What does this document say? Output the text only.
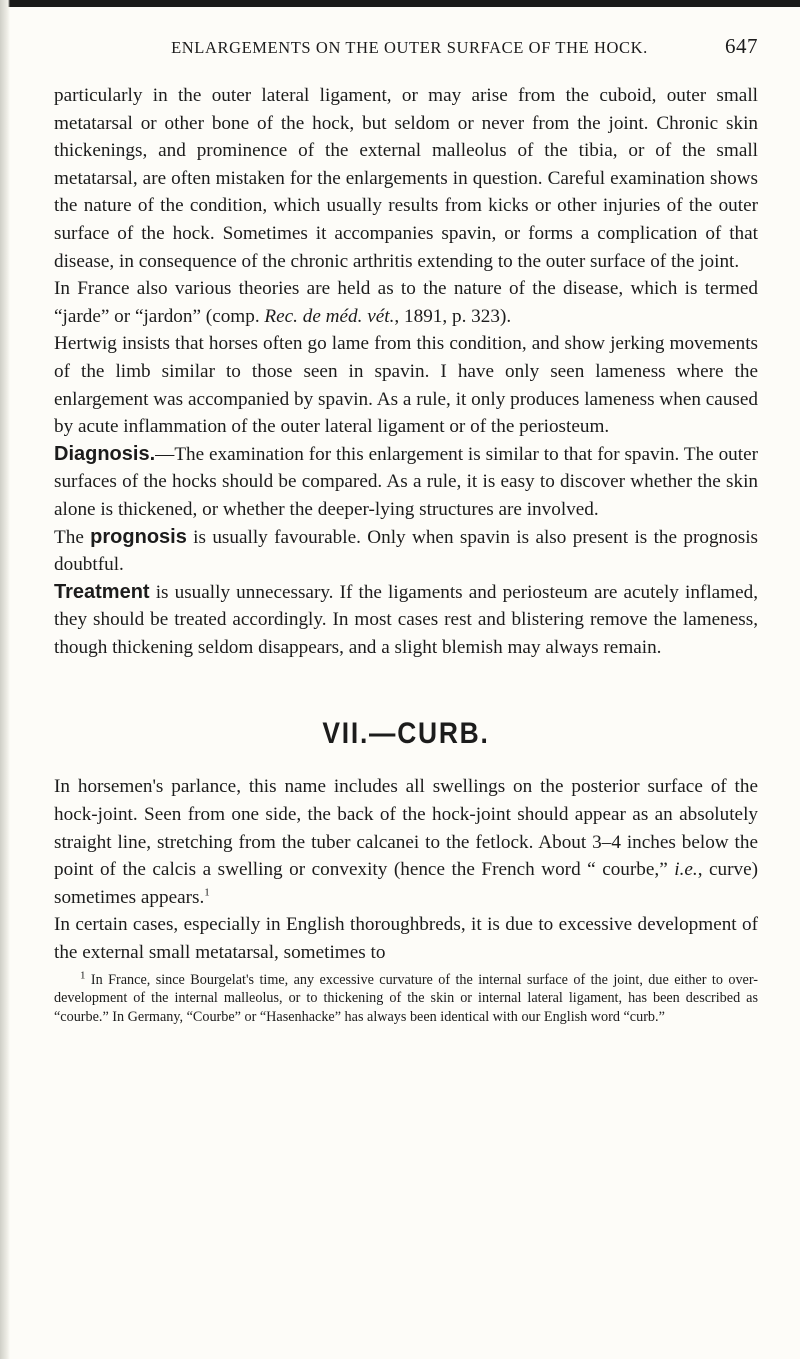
ENLARGEMENTS ON THE OUTER SURFACE OF THE HOCK.	647

particularly in the outer lateral ligament, or may arise from the cuboid, outer small metatarsal or other bone of the hock, but seldom or never from the joint. Chronic skin thickenings, and prominence of the external malleolus of the tibia, or of the small metatarsal, are often mistaken for the enlargements in question. Careful examination shows the nature of the condition, which usually results from kicks or other injuries of the outer surface of the hock. Sometimes it accompanies spavin, or forms a complication of that disease, in consequence of the chronic arthritis extending to the outer surface of the joint.

In France also various theories are held as to the nature of the disease, which is termed “jarde” or “jardon” (comp. Rec. de méd. vét., 1891, p. 323).

Hertwig insists that horses often go lame from this condition, and show jerking movements of the limb similar to those seen in spavin. I have only seen lameness where the enlargement was accompanied by spavin. As a rule, it only produces lameness when caused by acute inflammation of the outer lateral ligament or of the periosteum.

Diagnosis.—The examination for this enlargement is similar to that for spavin. The outer surfaces of the hocks should be compared. As a rule, it is easy to discover whether the skin alone is thickened, or whether the deeper-lying structures are involved.

The prognosis is usually favourable. Only when spavin is also present is the prognosis doubtful.

Treatment is usually unnecessary. If the ligaments and periosteum are acutely inflamed, they should be treated accordingly. In most cases rest and blistering remove the lameness, though thickening seldom disappears, and a slight blemish may always remain.

VII.—CURB.

In horsemen's parlance, this name includes all swellings on the posterior surface of the hock-joint. Seen from one side, the back of the hock-joint should appear as an absolutely straight line, stretching from the tuber calcanei to the fetlock. About 3–4 inches below the point of the calcis a swelling or convexity (hence the French word “ courbe,” i.e., curve) sometimes appears.$^1$

In certain cases, especially in English thoroughbreds, it is due to excessive development of the external small metatarsal, sometimes to

$^1$ In France, since Bourgelat's time, any excessive curvature of the internal surface of the joint, due either to over-development of the internal malleolus, or to thickening of the skin or internal lateral ligament, has been described as “courbe.” In Germany, “Courbe” or “Hasenhacke” has always been identical with our English word “curb.”
